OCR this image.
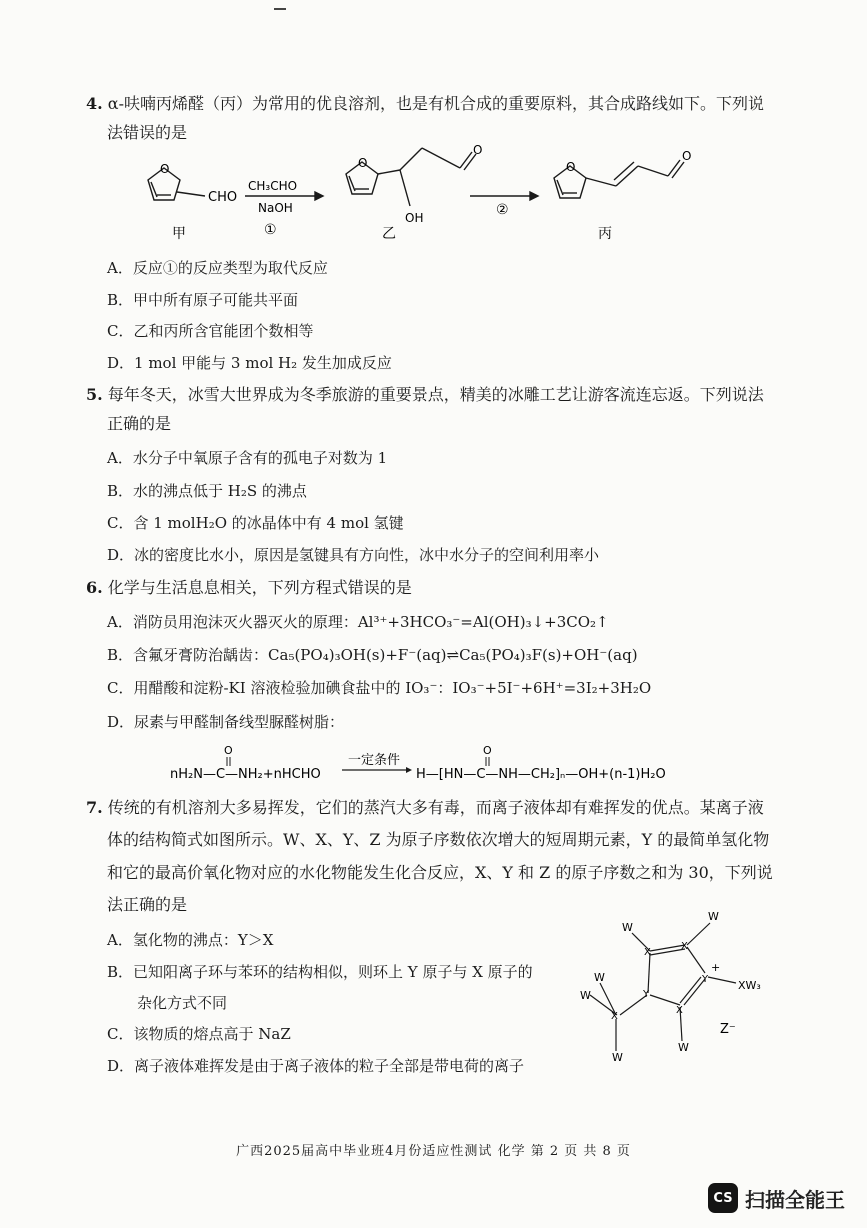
4. α-呋喃丙烯醛（丙）为常用的优良溶剂，也是有机合成的重要原料，其合成路线如下。下列说
法错误的是
O
CHO
CH₃CHO
NaOH
①
甲
O
OH
O
乙
②
O
O
丙
A．反应①的反应类型为取代反应
B．甲中所有原子可能共平面
C．乙和丙所含官能团个数相等
D．1 mol 甲能与 3 mol H₂ 发生加成反应
5. 每年冬天，冰雪大世界成为冬季旅游的重要景点，精美的冰雕工艺让游客流连忘返。下列说法
正确的是
A．水分子中氧原子含有的孤电子对数为 1
B．水的沸点低于 H₂S 的沸点
C．含 1 molH₂O 的冰晶体中有 4 mol 氢键
D．冰的密度比水小，原因是氢键具有方向性，冰中水分子的空间利用率小
6. 化学与生活息息相关，下列方程式错误的是
A．消防员用泡沫灭火器灭火的原理：Al³⁺+3HCO₃⁻=Al(OH)₃↓+3CO₂↑
B．含氟牙膏防治龋齿：Ca₅(PO₄)₃OH(s)+F⁻(aq)⇌Ca₅(PO₄)₃F(s)+OH⁻(aq)
C．用醋酸和淀粉-KI 溶液检验加碘食盐中的 IO₃⁻：IO₃⁻+5I⁻+6H⁺=3I₂+3H₂O
D．尿素与甲醛制备线型脲醛树脂：
O
nH₂N—C—NH₂+nHCHO
一定条件
O
H—[HN—C—NH—CH₂]ₙ—OH+(n-1)H₂O
7. 传统的有机溶剂大多易挥发，它们的蒸汽大多有毒，而离子液体却有难挥发的优点。某离子液
体的结构简式如图所示。W、X、Y、Z 为原子序数依次增大的短周期元素，Y 的最简单氢化物
和它的最高价氧化物对应的水化物能发生化合反应，X、Y 和 Z 的原子序数之和为 30，下列说
法正确的是
A．氢化物的沸点：Y＞X
B．已知阳离子环与苯环的结构相似，则环上 Y 原子与 X 原子的
杂化方式不同
C．该物质的熔点高于 NaZ
D．离子液体难挥发是由于离子液体的粒子全部是带电荷的离子
W
W
X
X
Y
+
XW₃
X
Y
X
W
W
W
W
Z⁻
广西2025届高中毕业班4月份适应性测试 化学 第 2 页 共 8 页
CS 扫描全能王
